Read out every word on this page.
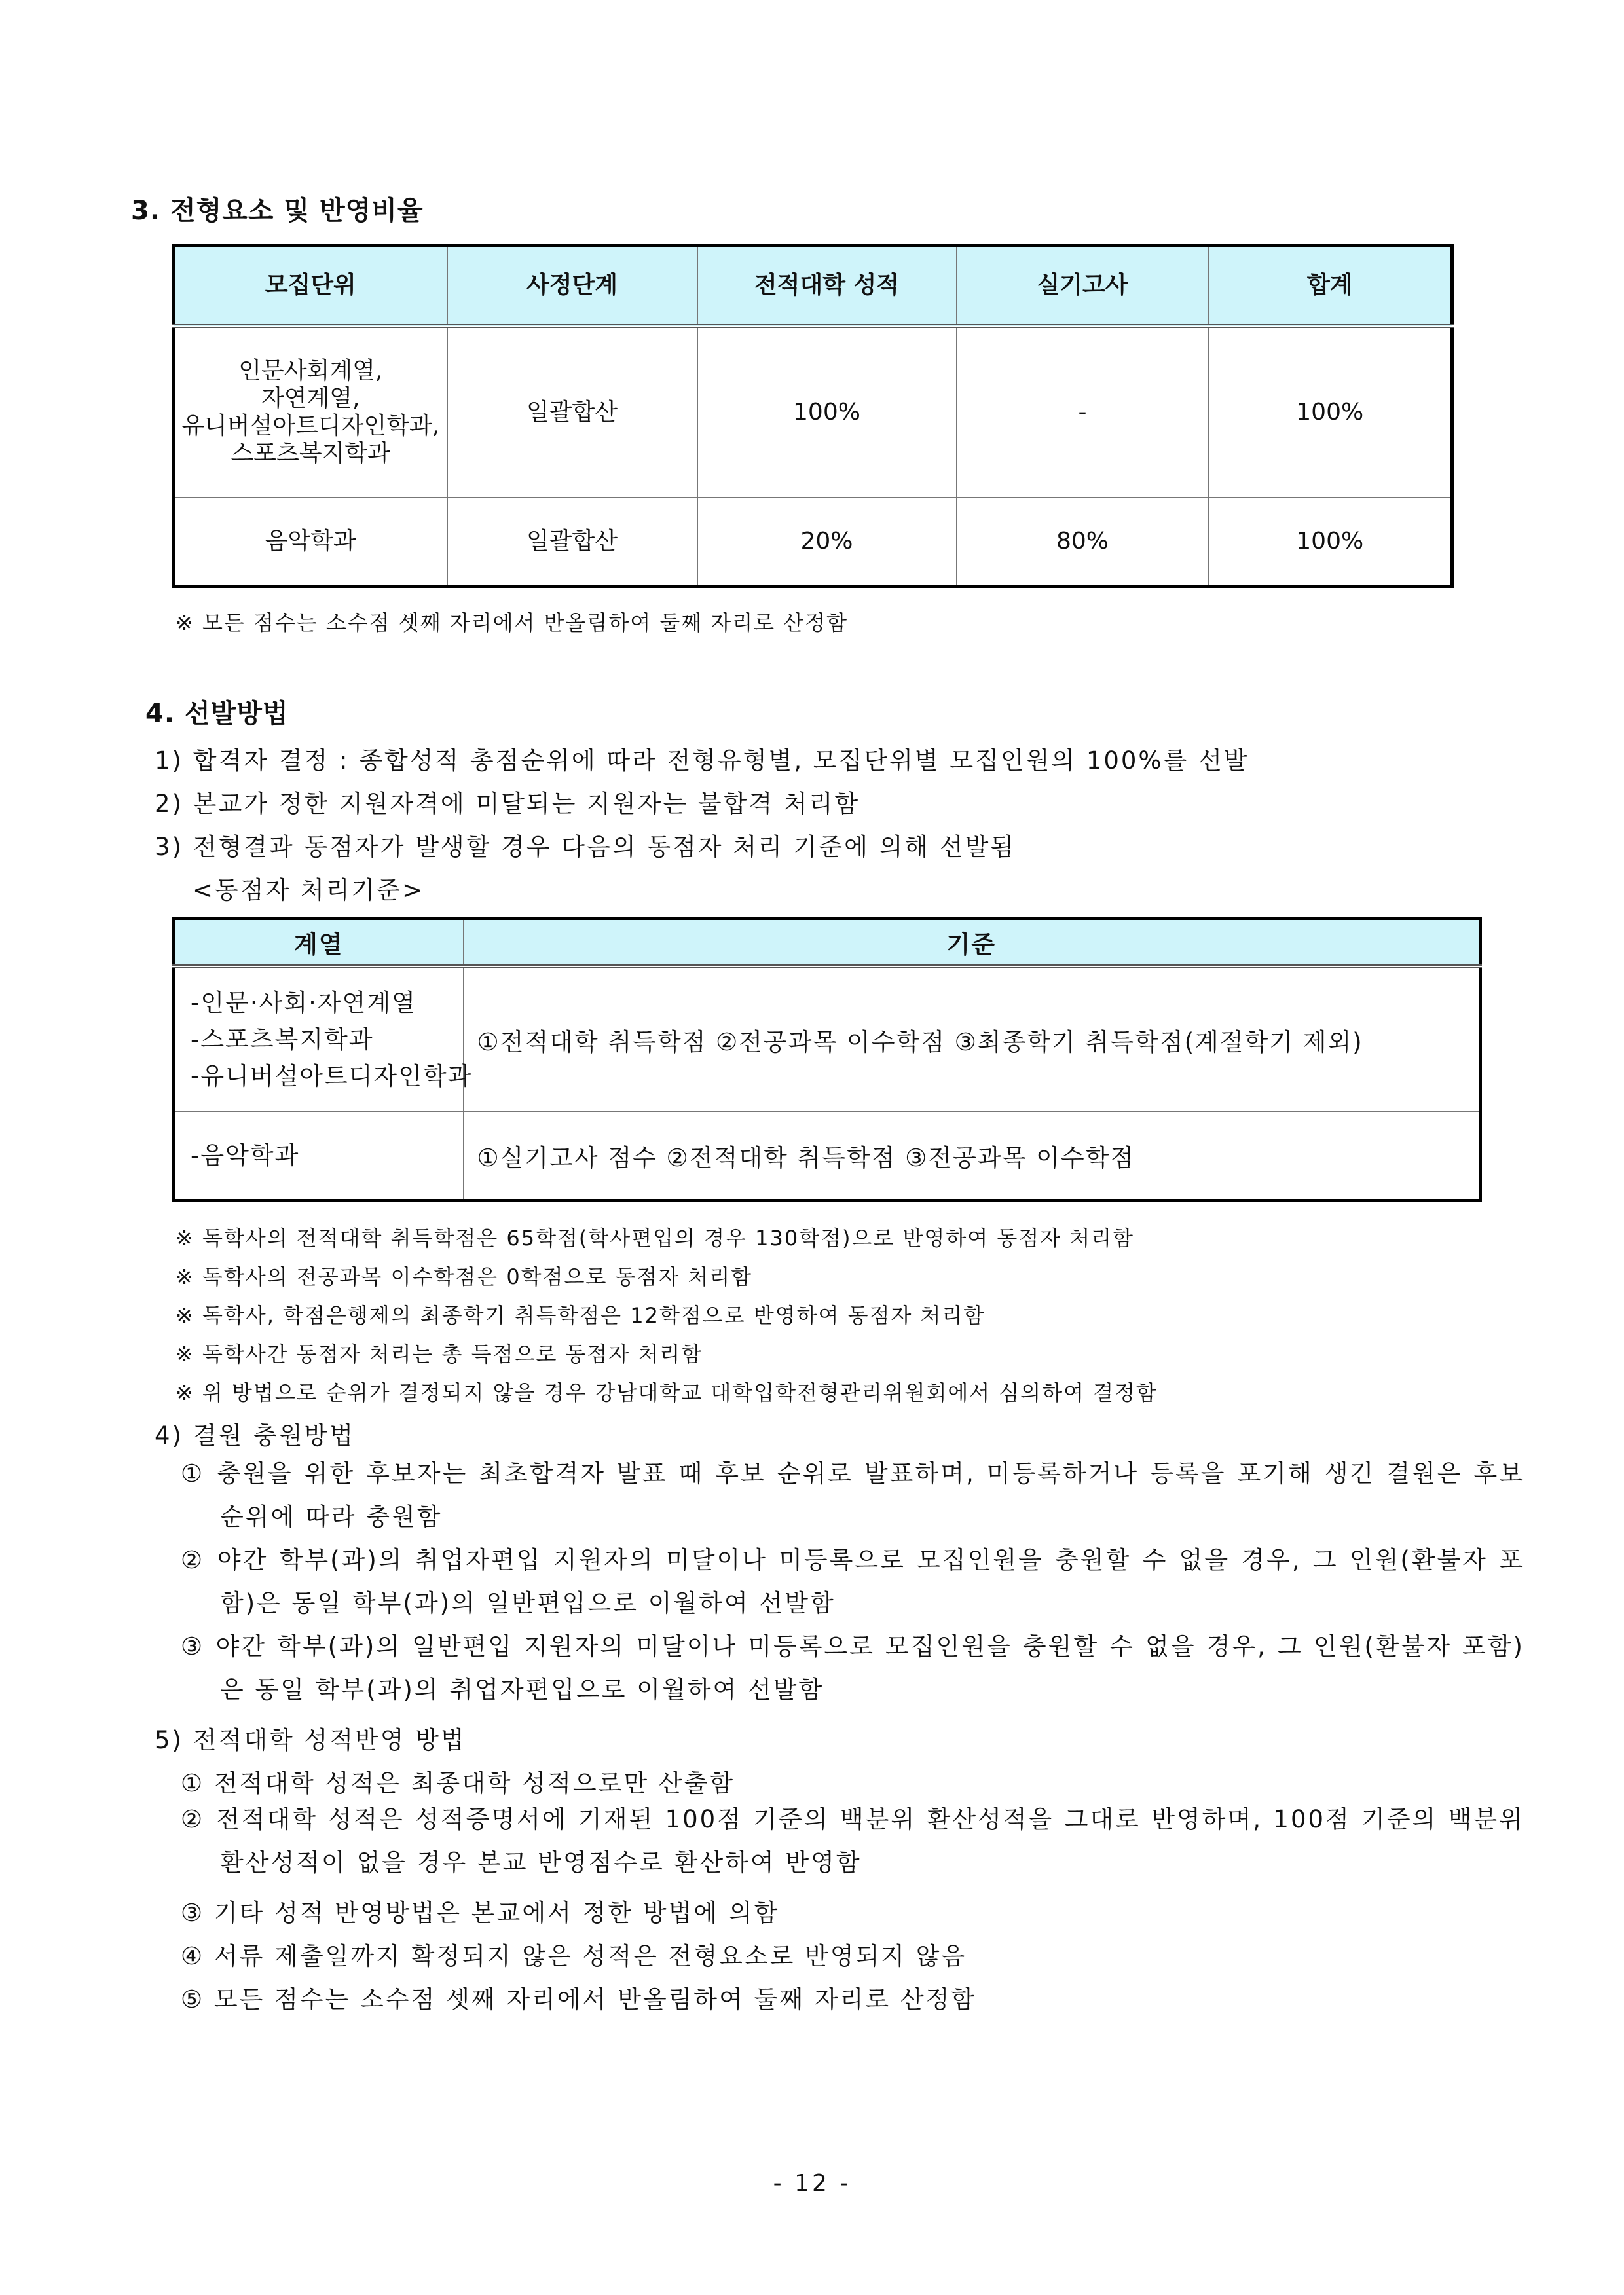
3. 전형요소 및 반영비율
모집단위	사정단계	전적대학 성적	실기고사	합계

인문사회계열,
자연계열,
유니버설아트디자인학과,
스포츠복지학과	일괄합산	100%	-	100%
음악학과	일괄합산	20%	80%	100%
※ 모든 점수는 소수점 셋째 자리에서 반올림하여 둘째 자리로 산정함
4. 선발방법
1) 합격자 결정 : 종합성적 총점순위에 따라 전형유형별, 모집단위별 모집인원의 100%를 선발
2) 본교가 정한 지원자격에 미달되는 지원자는 불합격 처리함
3) 전형결과 동점자가 발생할 경우 다음의 동점자 처리 기준에 의해 선발됨
<동점자 처리기준>
계열	기준

-인문·사회·자연계열
-스포츠복지학과
-유니버설아트디자인학과	①전적대학 취득학점 ②전공과목 이수학점 ③최종학기 취득학점(계절학기 제외)
-음악학과	①실기고사 점수 ②전적대학 취득학점 ③전공과목 이수학점
※ 독학사의 전적대학 취득학점은 65학점(학사편입의 경우 130학점)으로 반영하여 동점자 처리함
※ 독학사의 전공과목 이수학점은 0학점으로 동점자 처리함
※ 독학사, 학점은행제의 최종학기 취득학점은 12학점으로 반영하여 동점자 처리함
※ 독학사간 동점자 처리는 총 득점으로 동점자 처리함
※ 위 방법으로 순위가 결정되지 않을 경우 강남대학교 대학입학전형관리위원회에서 심의하여 결정함
4) 결원 충원방법
① 충원을 위한 후보자는 최초합격자 발표 때 후보 순위로 발표하며, 미등록하거나 등록을 포기해 생긴 결원은 후보 순위에 따라 충원함
② 야간 학부(과)의 취업자편입 지원자의 미달이나 미등록으로 모집인원을 충원할 수 없을 경우, 그 인원(환불자 포함)은 동일 학부(과)의 일반편입으로 이월하여 선발함
③ 야간 학부(과)의 일반편입 지원자의 미달이나 미등록으로 모집인원을 충원할 수 없을 경우, 그 인원(환불자 포함)은 동일 학부(과)의 취업자편입으로 이월하여 선발함
5) 전적대학 성적반영 방법
① 전적대학 성적은 최종대학 성적으로만 산출함
② 전적대학 성적은 성적증명서에 기재된 100점 기준의 백분위 환산성적을 그대로 반영하며, 100점 기준의 백분위 환산성적이 없을 경우 본교 반영점수로 환산하여 반영함
③ 기타 성적 반영방법은 본교에서 정한 방법에 의함
④ 서류 제출일까지 확정되지 않은 성적은 전형요소로 반영되지 않음
⑤ 모든 점수는 소수점 셋째 자리에서 반올림하여 둘째 자리로 산정함
- 12 -
